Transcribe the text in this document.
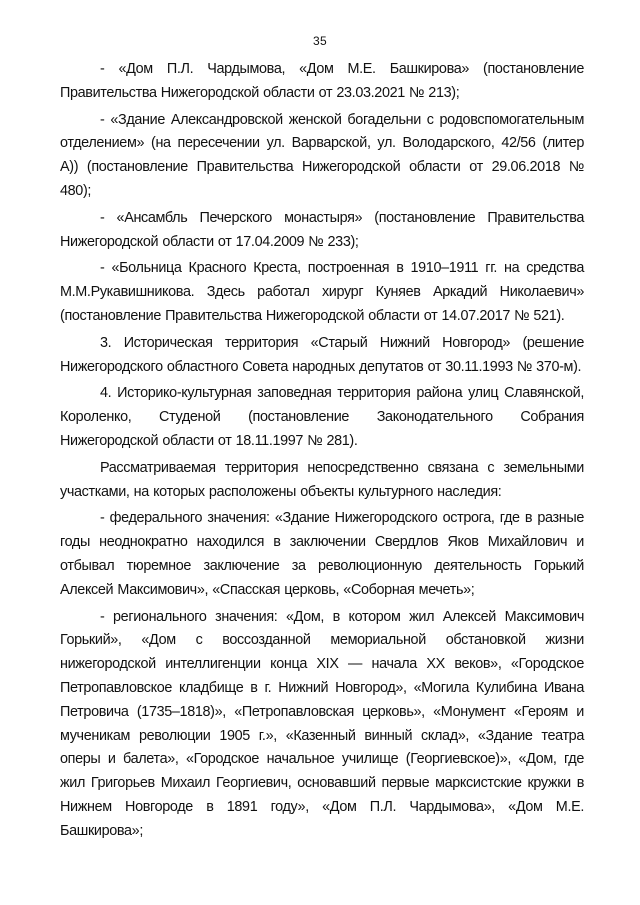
35

- «Дом П.Л. Чардымова, «Дом М.Е. Башкирова» (постановление Правительства Нижегородской области от 23.03.2021 № 213);

- «Здание Александровской женской богадельни с родовспомогательным отделением» (на пересечении ул. Варварской, ул. Володарского, 42/56 (литер А)) (постановление Правительства Нижегородской области от 29.06.2018 № 480);

- «Ансамбль Печерского монастыря» (постановление Правительства Нижегородской области от 17.04.2009 № 233);

- «Больница Красного Креста, построенная в 1910–1911 гг. на средства М.М.Рукавишникова. Здесь работал хирург Куняев Аркадий Николаевич» (постановление Правительства Нижегородской области от 14.07.2017 № 521).

3. Историческая территория «Старый Нижний Новгород» (решение Нижегородского областного Совета народных депутатов от 30.11.1993 № 370-м).

4. Историко-культурная заповедная территория района улиц Славянской, Короленко, Студеной (постановление Законодательного Собрания Нижегородской области от 18.11.1997 № 281).

Рассматриваемая территория непосредственно связана с земельными участками, на которых расположены объекты культурного наследия:

- федерального значения: «Здание Нижегородского острога, где в разные годы неоднократно находился в заключении Свердлов Яков Михайлович и отбывал тюремное заключение за революционную деятельность Горький Алексей Максимович», «Спасская церковь, «Соборная мечеть»;

- регионального значения: «Дом, в котором жил Алексей Максимович Горький», «Дом с воссозданной мемориальной обстановкой жизни нижегородской интеллигенции конца XIX — начала XX веков», «Городское Петропавловское кладбище в г. Нижний Новгород», «Могила Кулибина Ивана Петровича (1735–1818)», «Петропавловская церковь», «Монумент «Героям и мученикам революции 1905 г.», «Казенный винный склад», «Здание театра оперы и балета», «Городское начальное училище (Георгиевское)», «Дом, где жил Григорьев Михаил Георгиевич, основавший первые марксистские кружки в Нижнем Новгороде в 1891 году», «Дом П.Л. Чардымова», «Дом М.Е. Башкирова»;
